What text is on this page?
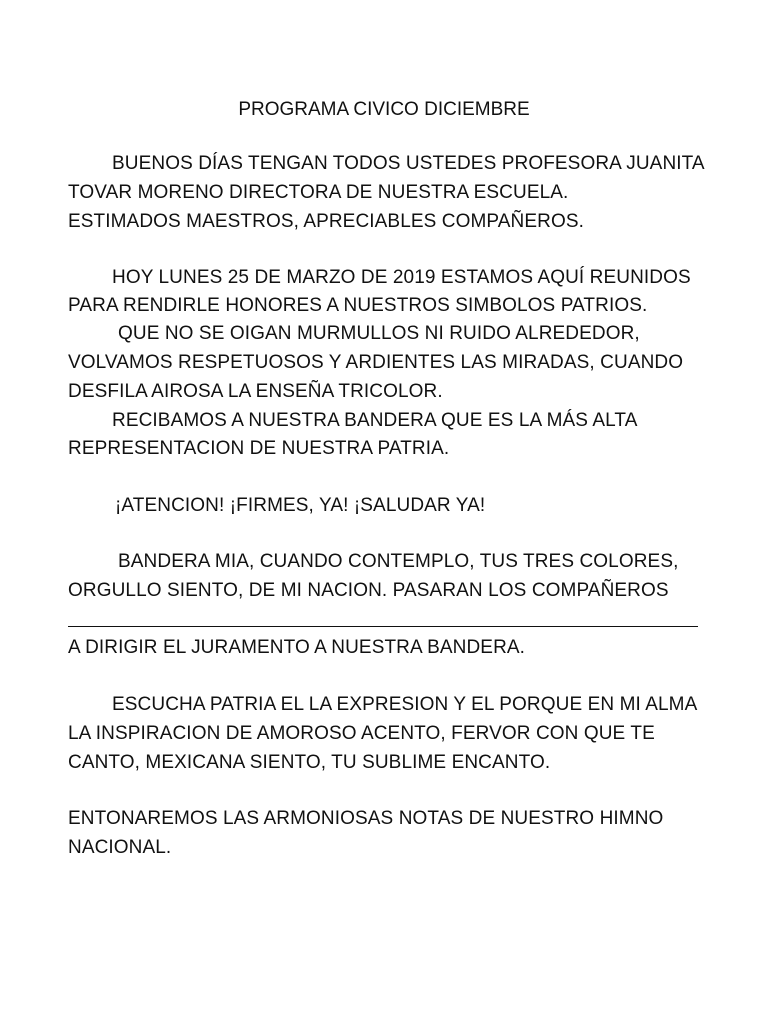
PROGRAMA CIVICO DICIEMBRE
BUENOS DÍAS TENGAN TODOS USTEDES PROFESORA JUANITA
TOVAR MORENO DIRECTORA DE NUESTRA ESCUELA.
ESTIMADOS MAESTROS, APRECIABLES COMPAÑEROS.
HOY LUNES 25 DE MARZO DE 2019 ESTAMOS AQUÍ REUNIDOS
PARA RENDIRLE HONORES A NUESTROS SIMBOLOS PATRIOS.
QUE NO SE OIGAN MURMULLOS NI RUIDO ALREDEDOR,
VOLVAMOS RESPETUOSOS Y ARDIENTES LAS MIRADAS, CUANDO
DESFILA AIROSA LA ENSEÑA TRICOLOR.
RECIBAMOS A NUESTRA BANDERA QUE ES LA MÁS ALTA
REPRESENTACION DE NUESTRA PATRIA.
¡ATENCION! ¡FIRMES, YA! ¡SALUDAR YA!
BANDERA MIA, CUANDO CONTEMPLO, TUS TRES COLORES,
ORGULLO SIENTO, DE MI NACION. PASARAN LOS COMPAÑEROS
A DIRIGIR EL JURAMENTO A NUESTRA BANDERA.
ESCUCHA PATRIA EL LA EXPRESION Y EL PORQUE EN MI ALMA
LA INSPIRACION DE AMOROSO ACENTO, FERVOR CON QUE TE
CANTO, MEXICANA SIENTO, TU SUBLIME ENCANTO.
ENTONAREMOS LAS ARMONIOSAS NOTAS DE NUESTRO HIMNO
NACIONAL.
